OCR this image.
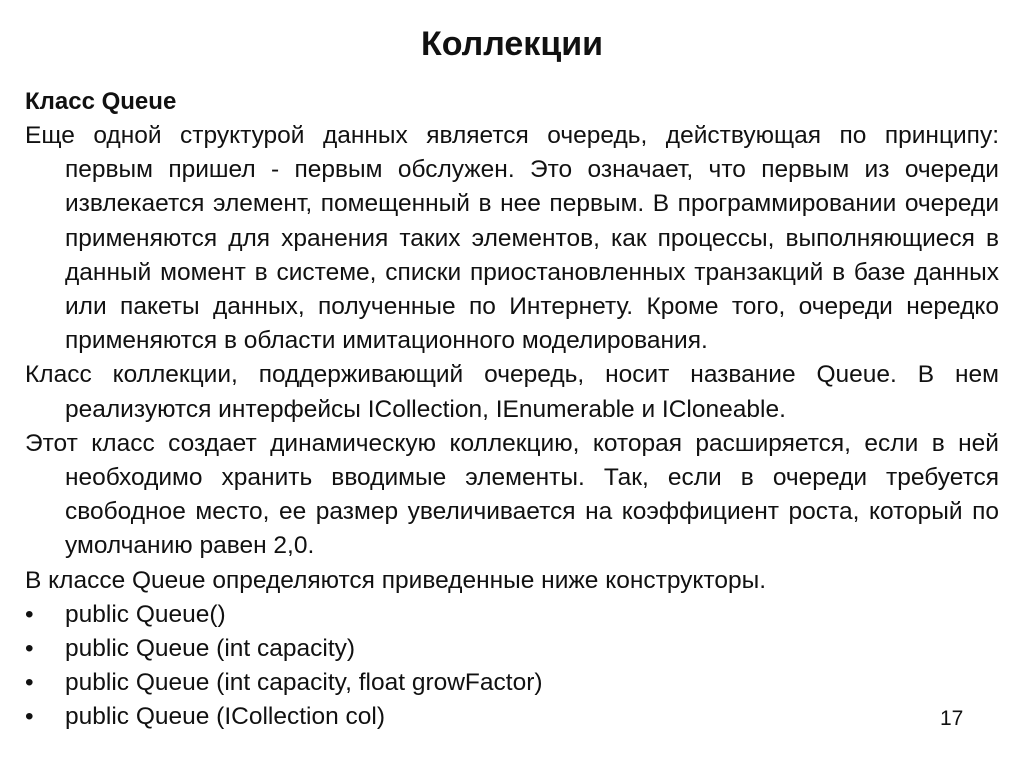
Коллекции

Класс Queue

Еще одной структурой данных является очередь, действующая по принципу: первым пришел - первым обслужен. Это означает, что первым из очереди извлекается элемент, помещенный в нее первым. В программировании очереди применяются для хранения таких элементов, как процессы, выполняющиеся в данный момент в системе, списки приостановленных транзакций в базе данных или пакеты данных, полученные по Интернету. Кроме того, очереди нередко применяются в области имитационного моделирования.

Класс коллекции, поддерживающий очередь, носит название Queue. В нем реализуются интерфейсы ICollection, IEnumerable и ICloneable.

Этот класс создает динамическую коллекцию, которая расширяется, если в ней необходимо хранить вводимые элементы. Так, если в очереди требуется свободное место, ее размер увеличивается на коэффициент роста, который по умолчанию равен 2,0.

В классе Queue определяются приведенные ниже конструкторы.

• public Queue()
• public Queue (int capacity)
• public Queue (int capacity, float growFactor)
• public Queue (ICollection col)	17
